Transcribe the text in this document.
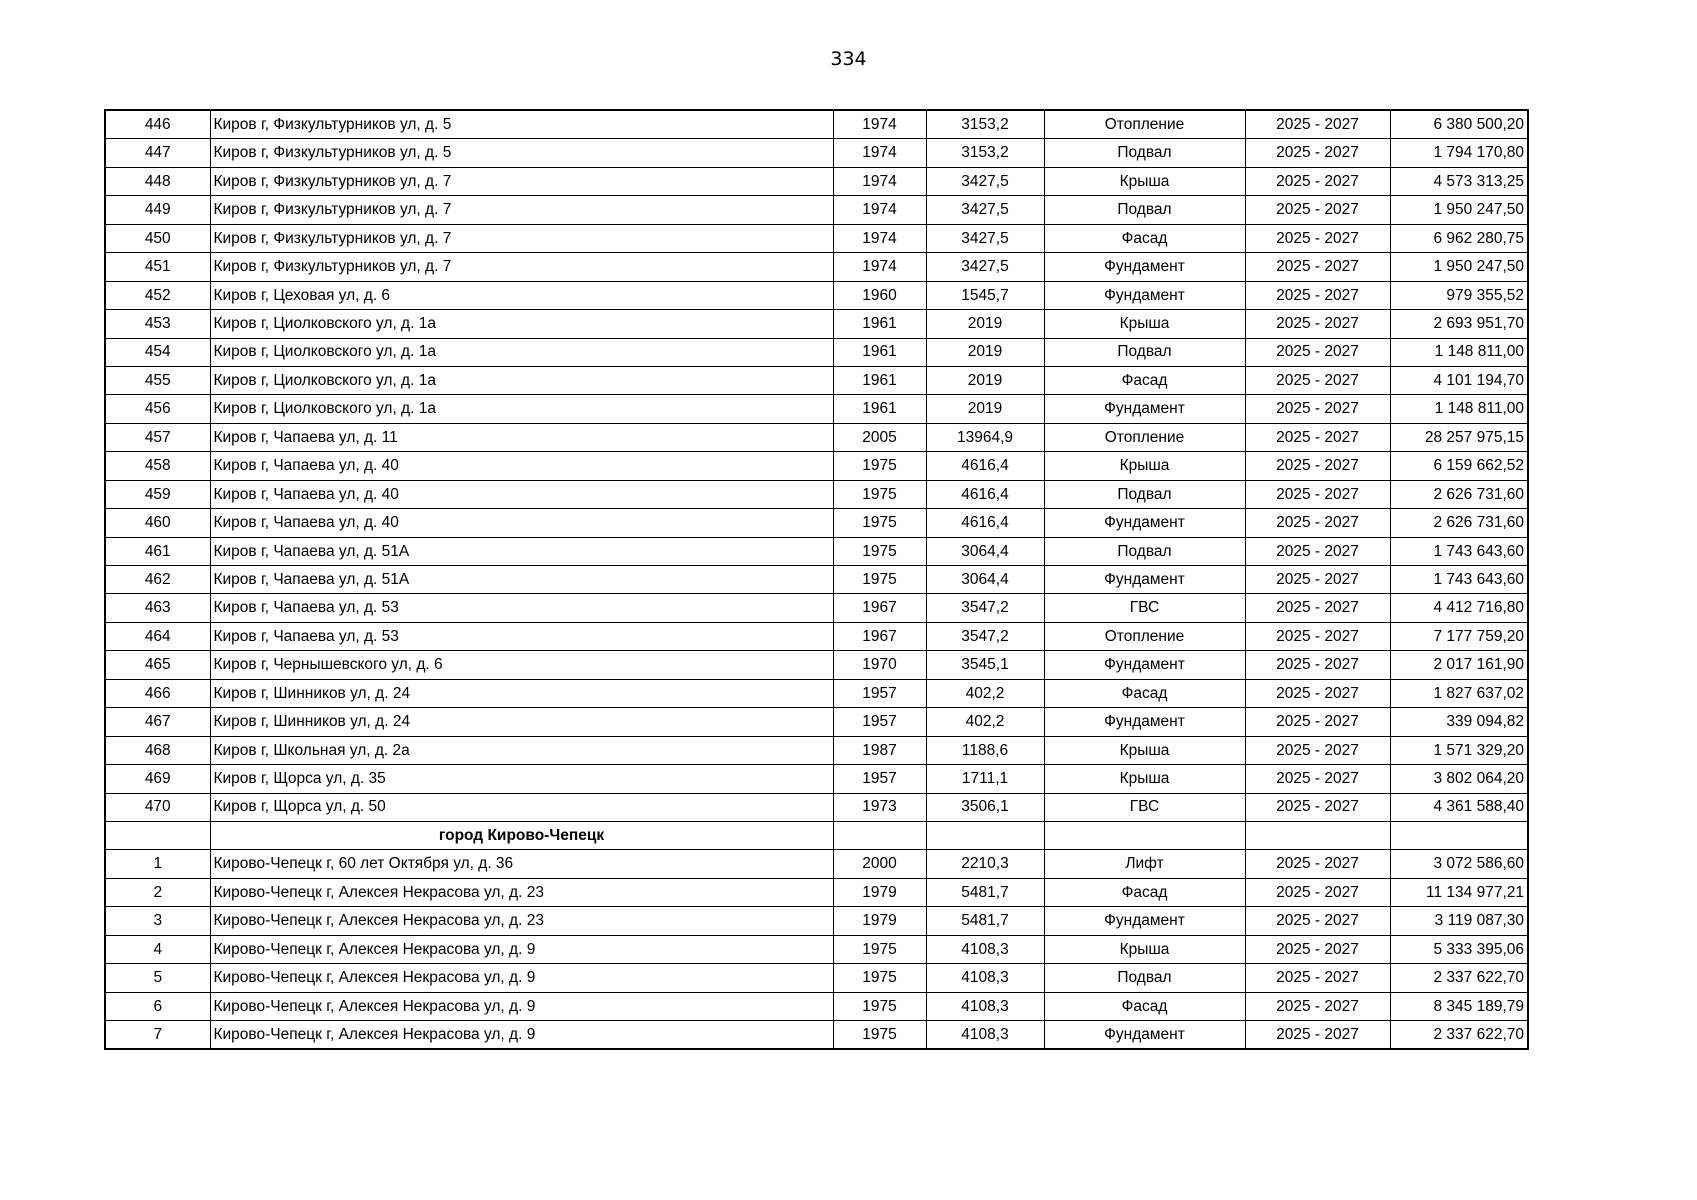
334
446	Киров г, Физкультурников ул, д. 5	1974	3153,2	Отопление	2025 - 2027	6 380 500,20
447	Киров г, Физкультурников ул, д. 5	1974	3153,2	Подвал	2025 - 2027	1 794 170,80
448	Киров г, Физкультурников ул, д. 7	1974	3427,5	Крыша	2025 - 2027	4 573 313,25
449	Киров г, Физкультурников ул, д. 7	1974	3427,5	Подвал	2025 - 2027	1 950 247,50
450	Киров г, Физкультурников ул, д. 7	1974	3427,5	Фасад	2025 - 2027	6 962 280,75
451	Киров г, Физкультурников ул, д. 7	1974	3427,5	Фундамент	2025 - 2027	1 950 247,50
452	Киров г, Цеховая ул, д. 6	1960	1545,7	Фундамент	2025 - 2027	979 355,52
453	Киров г, Циолковского ул, д. 1а	1961	2019	Крыша	2025 - 2027	2 693 951,70
454	Киров г, Циолковского ул, д. 1а	1961	2019	Подвал	2025 - 2027	1 148 811,00
455	Киров г, Циолковского ул, д. 1а	1961	2019	Фасад	2025 - 2027	4 101 194,70
456	Киров г, Циолковского ул, д. 1а	1961	2019	Фундамент	2025 - 2027	1 148 811,00
457	Киров г, Чапаева ул, д. 11	2005	13964,9	Отопление	2025 - 2027	28 257 975,15
458	Киров г, Чапаева ул, д. 40	1975	4616,4	Крыша	2025 - 2027	6 159 662,52
459	Киров г, Чапаева ул, д. 40	1975	4616,4	Подвал	2025 - 2027	2 626 731,60
460	Киров г, Чапаева ул, д. 40	1975	4616,4	Фундамент	2025 - 2027	2 626 731,60
461	Киров г, Чапаева ул, д. 51А	1975	3064,4	Подвал	2025 - 2027	1 743 643,60
462	Киров г, Чапаева ул, д. 51А	1975	3064,4	Фундамент	2025 - 2027	1 743 643,60
463	Киров г, Чапаева ул, д. 53	1967	3547,2	ГВС	2025 - 2027	4 412 716,80
464	Киров г, Чапаева ул, д. 53	1967	3547,2	Отопление	2025 - 2027	7 177 759,20
465	Киров г, Чернышевского ул, д. 6	1970	3545,1	Фундамент	2025 - 2027	2 017 161,90
466	Киров г, Шинников ул, д. 24	1957	402,2	Фасад	2025 - 2027	1 827 637,02
467	Киров г, Шинников ул, д. 24	1957	402,2	Фундамент	2025 - 2027	339 094,82
468	Киров г, Школьная ул, д. 2а	1987	1188,6	Крыша	2025 - 2027	1 571 329,20
469	Киров г, Щорса ул, д. 35	1957	1711,1	Крыша	2025 - 2027	3 802 064,20
470	Киров г, Щорса ул, д. 50	1973	3506,1	ГВС	2025 - 2027	4 361 588,40
	город Кирово-Чепецк					
1	Кирово-Чепецк г, 60 лет Октября ул, д. 36	2000	2210,3	Лифт	2025 - 2027	3 072 586,60
2	Кирово-Чепецк г, Алексея Некрасова ул, д. 23	1979	5481,7	Фасад	2025 - 2027	11 134 977,21
3	Кирово-Чепецк г, Алексея Некрасова ул, д. 23	1979	5481,7	Фундамент	2025 - 2027	3 119 087,30
4	Кирово-Чепецк г, Алексея Некрасова ул, д. 9	1975	4108,3	Крыша	2025 - 2027	5 333 395,06
5	Кирово-Чепецк г, Алексея Некрасова ул, д. 9	1975	4108,3	Подвал	2025 - 2027	2 337 622,70
6	Кирово-Чепецк г, Алексея Некрасова ул, д. 9	1975	4108,3	Фасад	2025 - 2027	8 345 189,79
7	Кирово-Чепецк г, Алексея Некрасова ул, д. 9	1975	4108,3	Фундамент	2025 - 2027	2 337 622,70
